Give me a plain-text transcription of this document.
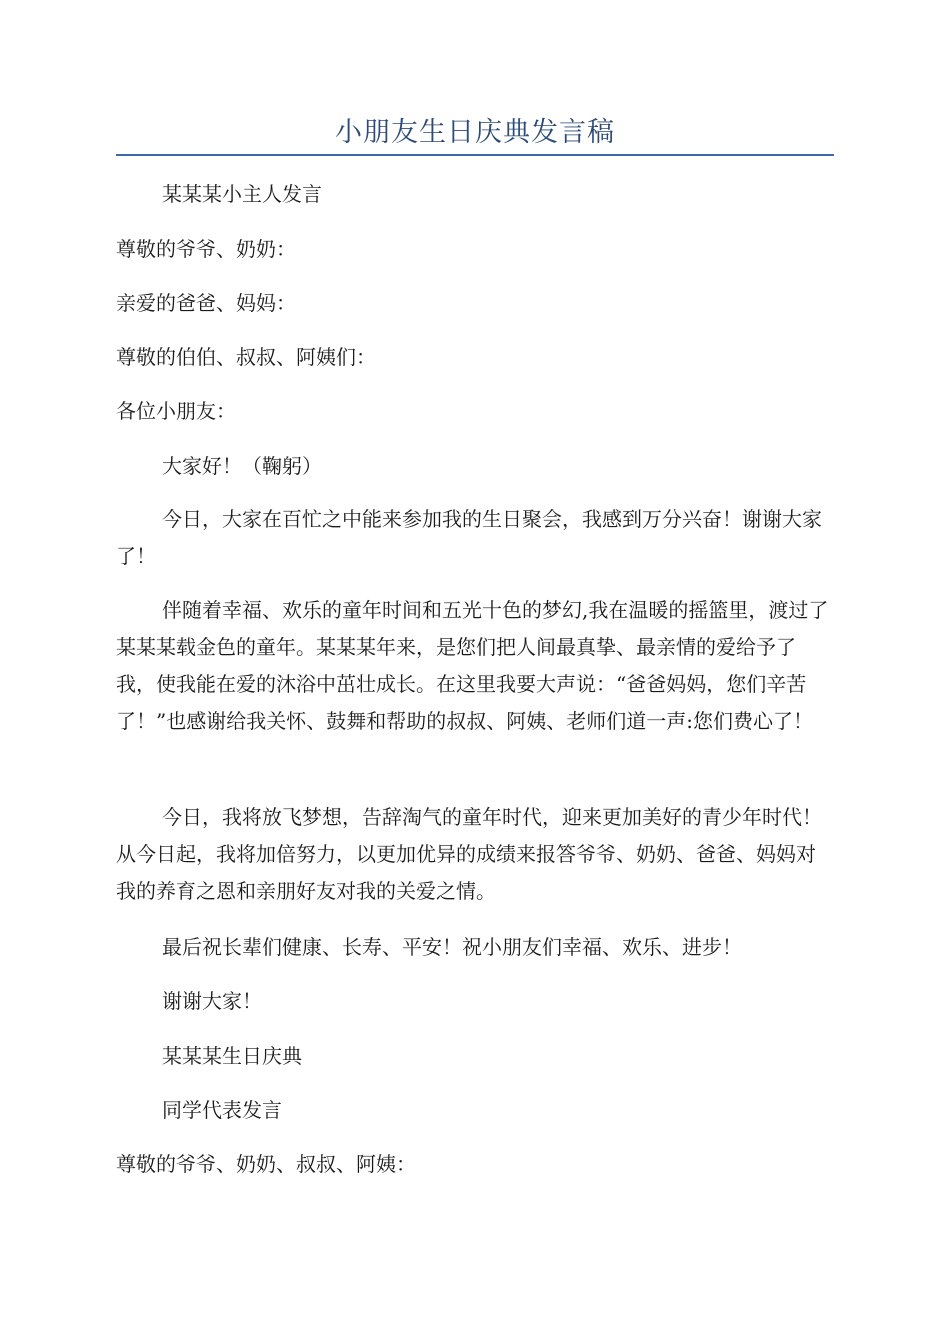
小朋友生日庆典发言稿

某某某小主人发言

尊敬的爷爷、奶奶：

亲爱的爸爸、妈妈：

尊敬的伯伯、叔叔、阿姨们：

各位小朋友：

大家好！（鞠躬）

今日，大家在百忙之中能来参加我的生日聚会，我感到万分兴奋！谢谢大家了！

伴随着幸福、欢乐的童年时间和五光十色的梦幻,我在温暖的摇篮里，渡过了某某某载金色的童年。某某某年来，是您们把人间最真挚、最亲情的爱给予了我，使我能在爱的沐浴中茁壮成长。在这里我要大声说：“爸爸妈妈，您们辛苦了！”也感谢给我关怀、鼓舞和帮助的叔叔、阿姨、老师们道一声:您们费心了！

今日，我将放飞梦想，告辞淘气的童年时代，迎来更加美好的青少年时代！从今日起，我将加倍努力，以更加优异的成绩来报答爷爷、奶奶、爸爸、妈妈对我的养育之恩和亲朋好友对我的关爱之情。

最后祝长辈们健康、长寿、平安！祝小朋友们幸福、欢乐、进步！

谢谢大家！

某某某生日庆典

同学代表发言

尊敬的爷爷、奶奶、叔叔、阿姨：
